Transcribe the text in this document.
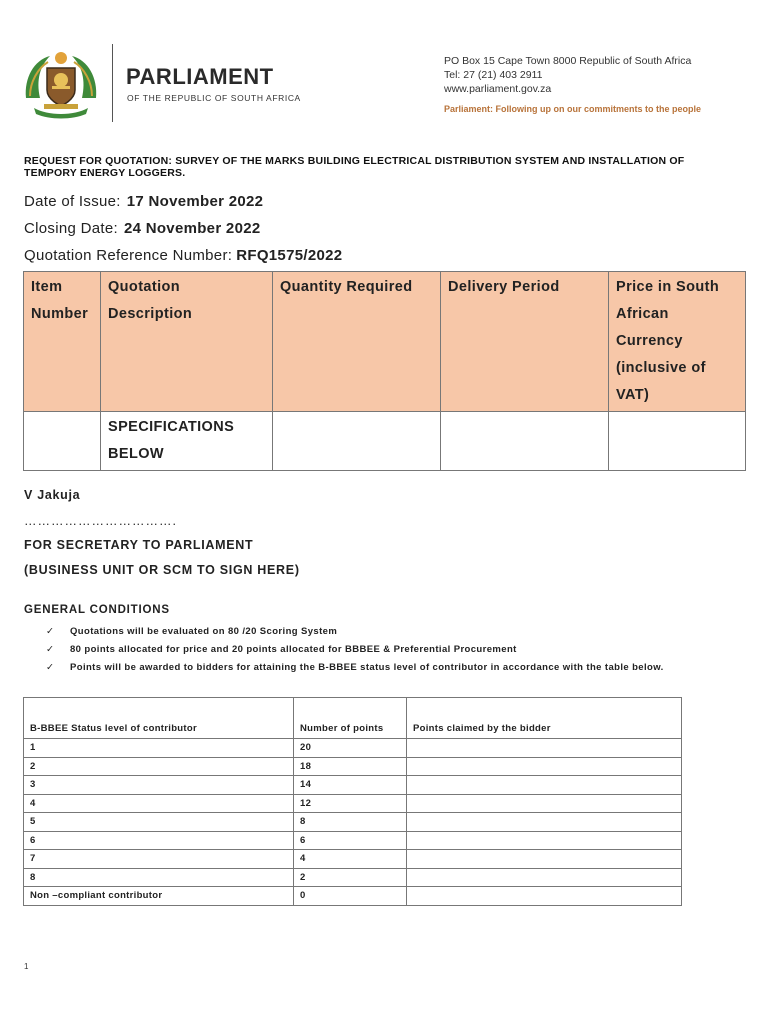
PARLIAMENT
OF THE REPUBLIC OF SOUTH AFRICA
PO Box 15 Cape Town 8000 Republic of South Africa
Tel: 27 (21) 403 2911
www.parliament.gov.za
Parliament: Following up on our commitments to the people
REQUEST FOR QUOTATION: SURVEY OF THE MARKS BUILDING ELECTRICAL DISTRIBUTION SYSTEM AND INSTALLATION OF TEMPORY ENERGY LOGGERS.
Date of Issue: 17 November 2022
Closing Date: 24 November 2022
Quotation Reference Number: RFQ1575/2022
Item Number	Quotation Description	Quantity Required	Delivery Period	Price in South African Currency (inclusive of VAT)
	SPECIFICATIONS BELOW			
V Jakuja
…………………………….
FOR SECRETARY TO PARLIAMENT
(BUSINESS UNIT OR SCM TO SIGN HERE)
GENERAL CONDITIONS
✓ Quotations will be evaluated on 80 /20 Scoring System
✓ 80 points allocated for price and 20 points allocated for BBBEE & Preferential Procurement
✓ Points will be awarded to bidders for attaining the B-BBEE status level of contributor in accordance with the table below.
B-BBEE Status level of contributor	Number of points	Points claimed by the bidder
1	20	
2	18	
3	14	
4	12	
5	8	
6	6	
7	4	
8	2	
Non –compliant contributor	0	
1
